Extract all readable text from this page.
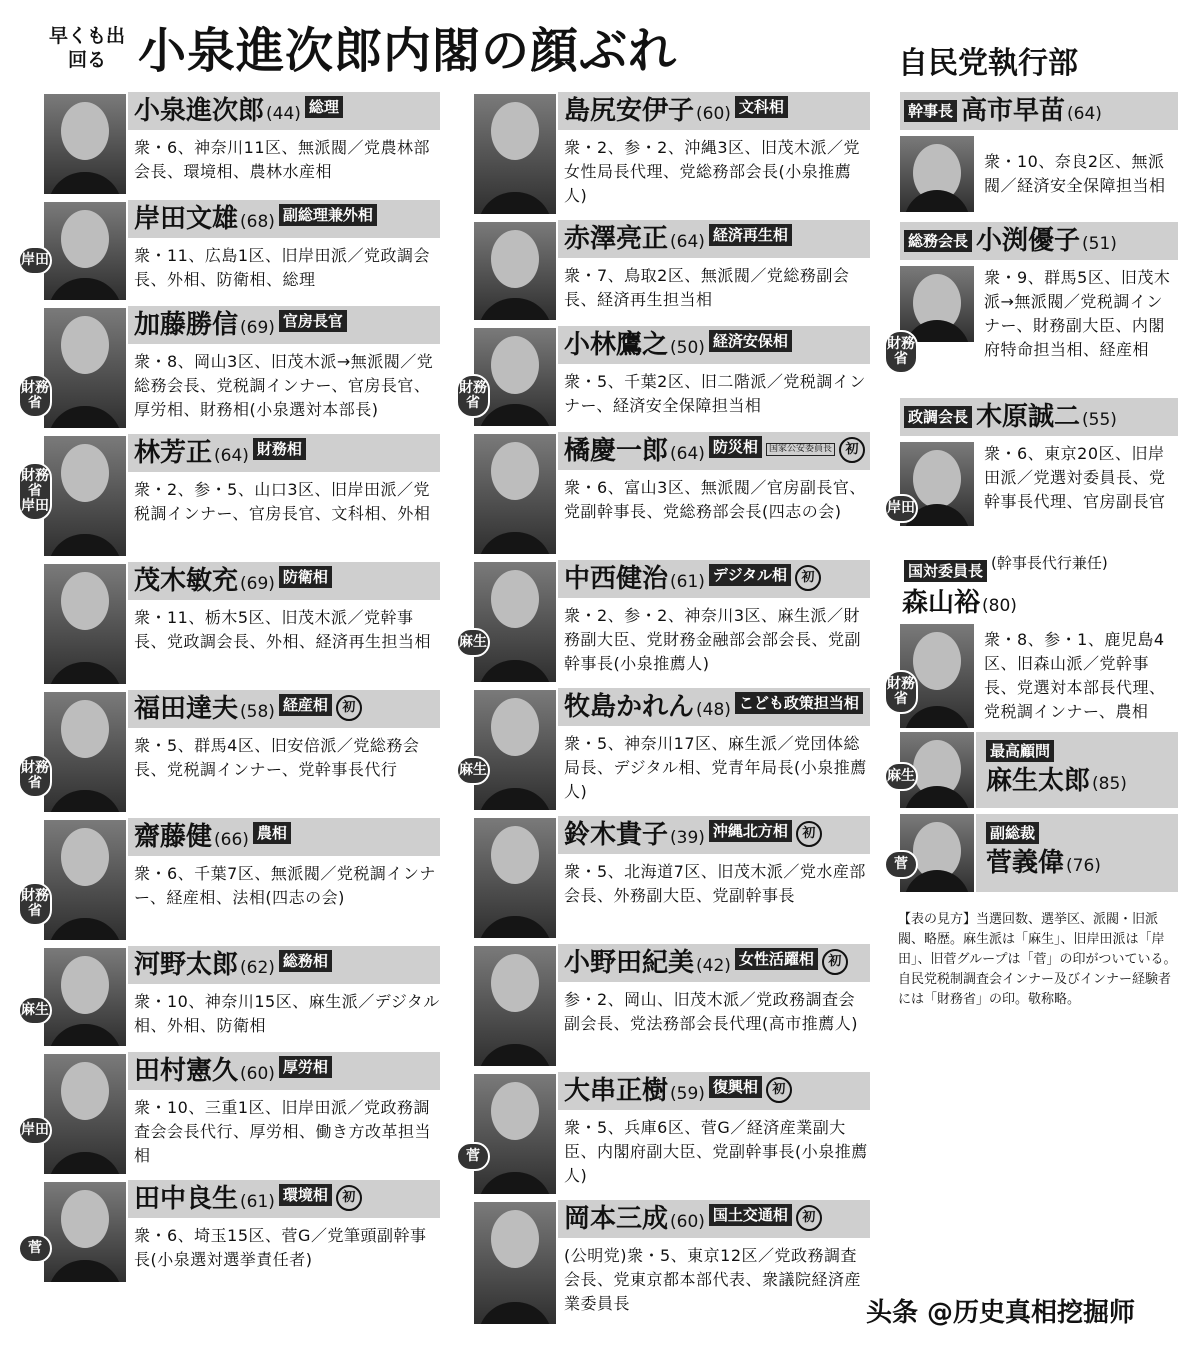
早くも出回る 小泉進次郎内閣の顔ぶれ
小泉進次郎 (44) 総理
衆・6、神奈川11区、無派閥／党農林部会長、環境相、農林水産相
岸田文雄 (68) 副総理兼外相
衆・11、広島1区、旧岸田派／党政調会長、外相、防衛相、総理
岸田
加藤勝信 (69) 官房長官
衆・8、岡山3区、旧茂木派→無派閥／党総務会長、党税調インナー、官房長官、厚労相、財務相(小泉選対本部長)
財務省
林芳正 (64) 財務相
衆・2、参・5、山口3区、旧岸田派／党税調インナー、官房長官、文科相、外相
財務省 岸田
茂木敏充 (69) 防衛相
衆・11、栃木5区、旧茂木派／党幹事長、党政調会長、外相、経済再生担当相
福田達夫 (58) 経産相 初
衆・5、群馬4区、旧安倍派／党総務会長、党税調インナー、党幹事長代行
財務省
齋藤健 (66) 農相
衆・6、千葉7区、無派閥／党税調インナー、経産相、法相(四志の会)
財務省
河野太郎 (62) 総務相
衆・10、神奈川15区、麻生派／デジタル相、外相、防衛相
麻生
田村憲久 (60) 厚労相
衆・10、三重1区、旧岸田派／党政務調査会会長代行、厚労相、働き方改革担当相
岸田
田中良生 (61) 環境相 初
衆・6、埼玉15区、菅G／党筆頭副幹事長(小泉選対選挙責任者)
菅
島尻安伊子 (60) 文科相
衆・2、参・2、沖縄3区、旧茂木派／党女性局長代理、党総務部会長(小泉推薦人)
赤澤亮正 (64) 経済再生相
衆・7、鳥取2区、無派閥／党総務副会長、経済再生担当相
小林鷹之 (50) 経済安保相
衆・5、千葉2区、旧二階派／党税調インナー、経済安全保障担当相
財務省
橘慶一郎 (64) 防災相 国家公安委員長 初
衆・6、富山3区、無派閥／官房副長官、党副幹事長、党総務部会長(四志の会)
中西健治 (61) デジタル相 初
衆・2、参・2、神奈川3区、麻生派／財務副大臣、党財務金融部会部会長、党副幹事長(小泉推薦人)
麻生
牧島かれん (48) こども政策担当相
衆・5、神奈川17区、麻生派／党団体総局長、デジタル相、党青年局長(小泉推薦人)
麻生
鈴木貴子 (39) 沖縄北方相 初
衆・5、北海道7区、旧茂木派／党水産部会長、外務副大臣、党副幹事長
小野田紀美 (42) 女性活躍相 初
参・2、岡山、旧茂木派／党政務調査会副会長、党法務部会長代理(高市推薦人)
大串正樹 (59) 復興相 初
衆・5、兵庫6区、菅G／経済産業副大臣、内閣府副大臣、党副幹事長(小泉推薦人)
菅
岡本三成 (60) 国土交通相 初
(公明党)衆・5、東京12区／党政務調査会長、党東京都本部代表、衆議院経済産業委員長
自民党執行部
幹事長 高市早苗 (64)
衆・10、奈良2区、無派閥／経済安全保障担当相
総務会長 小渕優子 (51)
衆・9、群馬5区、旧茂木派→無派閥／党税調インナー、財務副大臣、内閣府特命担当相、経産相
財務省
政調会長 木原誠二 (55)
衆・6、東京20区、旧岸田派／党選対委員長、党幹事長代理、官房副長官
岸田
国対委員長 (幹事長代行兼任)
森山裕 (80)
衆・8、参・1、鹿児島4区、旧森山派／党幹事長、党選対本部長代理、党税調インナー、農相
財務省
最高顧問
麻生太郎 (85)
麻生
副総裁
菅義偉 (76)
菅
【表の見方】当選回数、選挙区、派閥・旧派閥、略歴。麻生派は「麻生」、旧岸田派は「岸田」、旧菅グループは「菅」の印がついている。自民党税制調査会インナー及びインナー経験者には「財務省」の印。敬称略。
头条 @历史真相挖掘师
